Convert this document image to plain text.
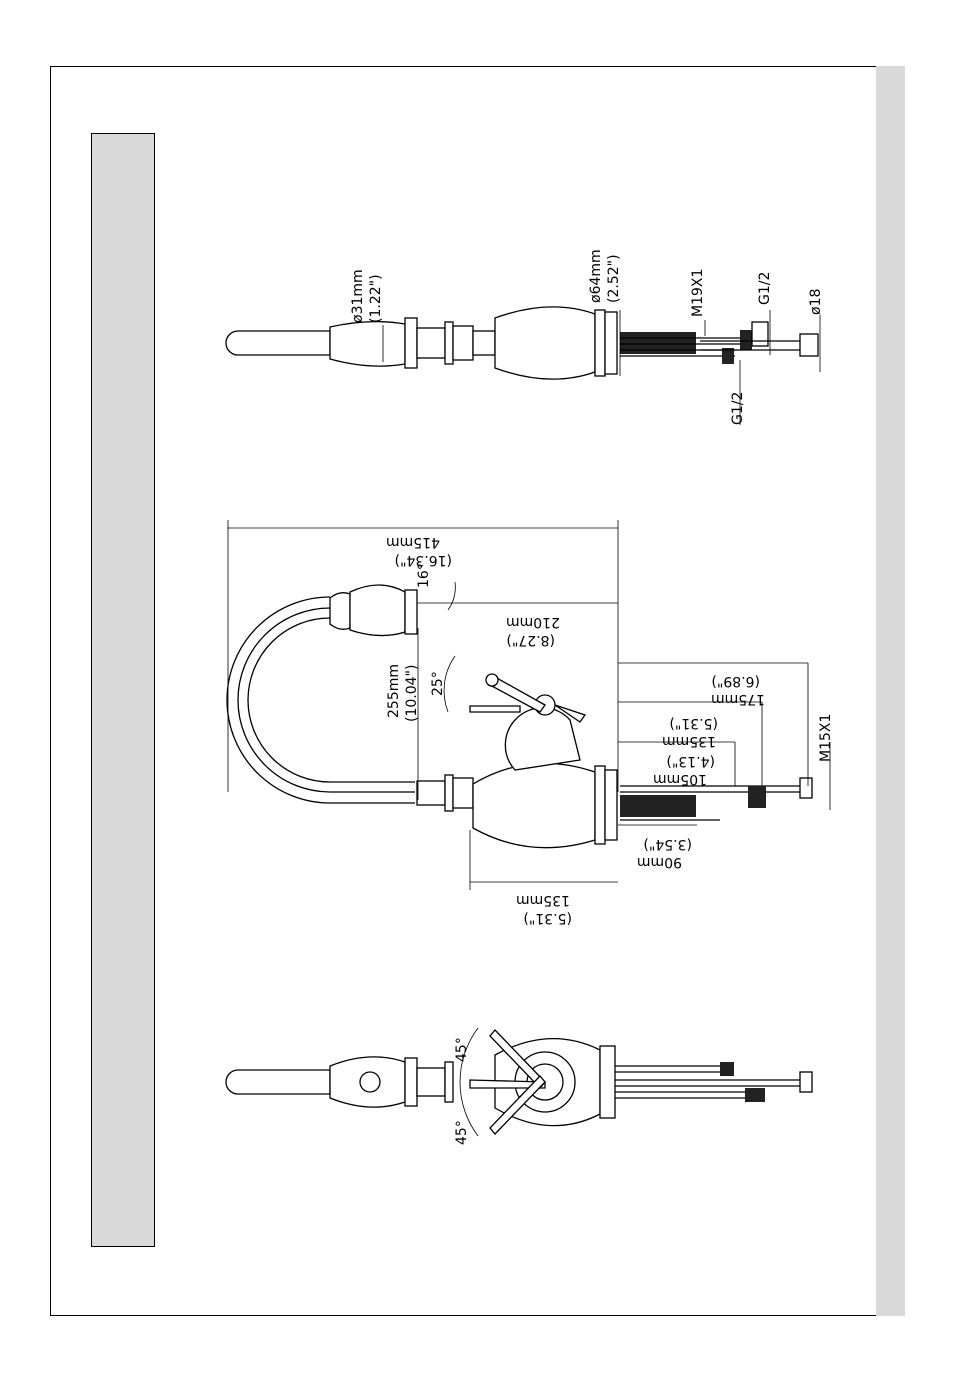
ø31mm (1.22")	ø64mm (2.52")	M19X1	G1/2
G1/2
ø18
415mm
(16.34")
210mm
(8.27")
16°
255mm (10.04") 25°
135mm
(5.31")
(3.54")
90mm
(4.13")
105mm
(5.31")
135mm
(6.89")
175mm
M15X1
45°
45°
